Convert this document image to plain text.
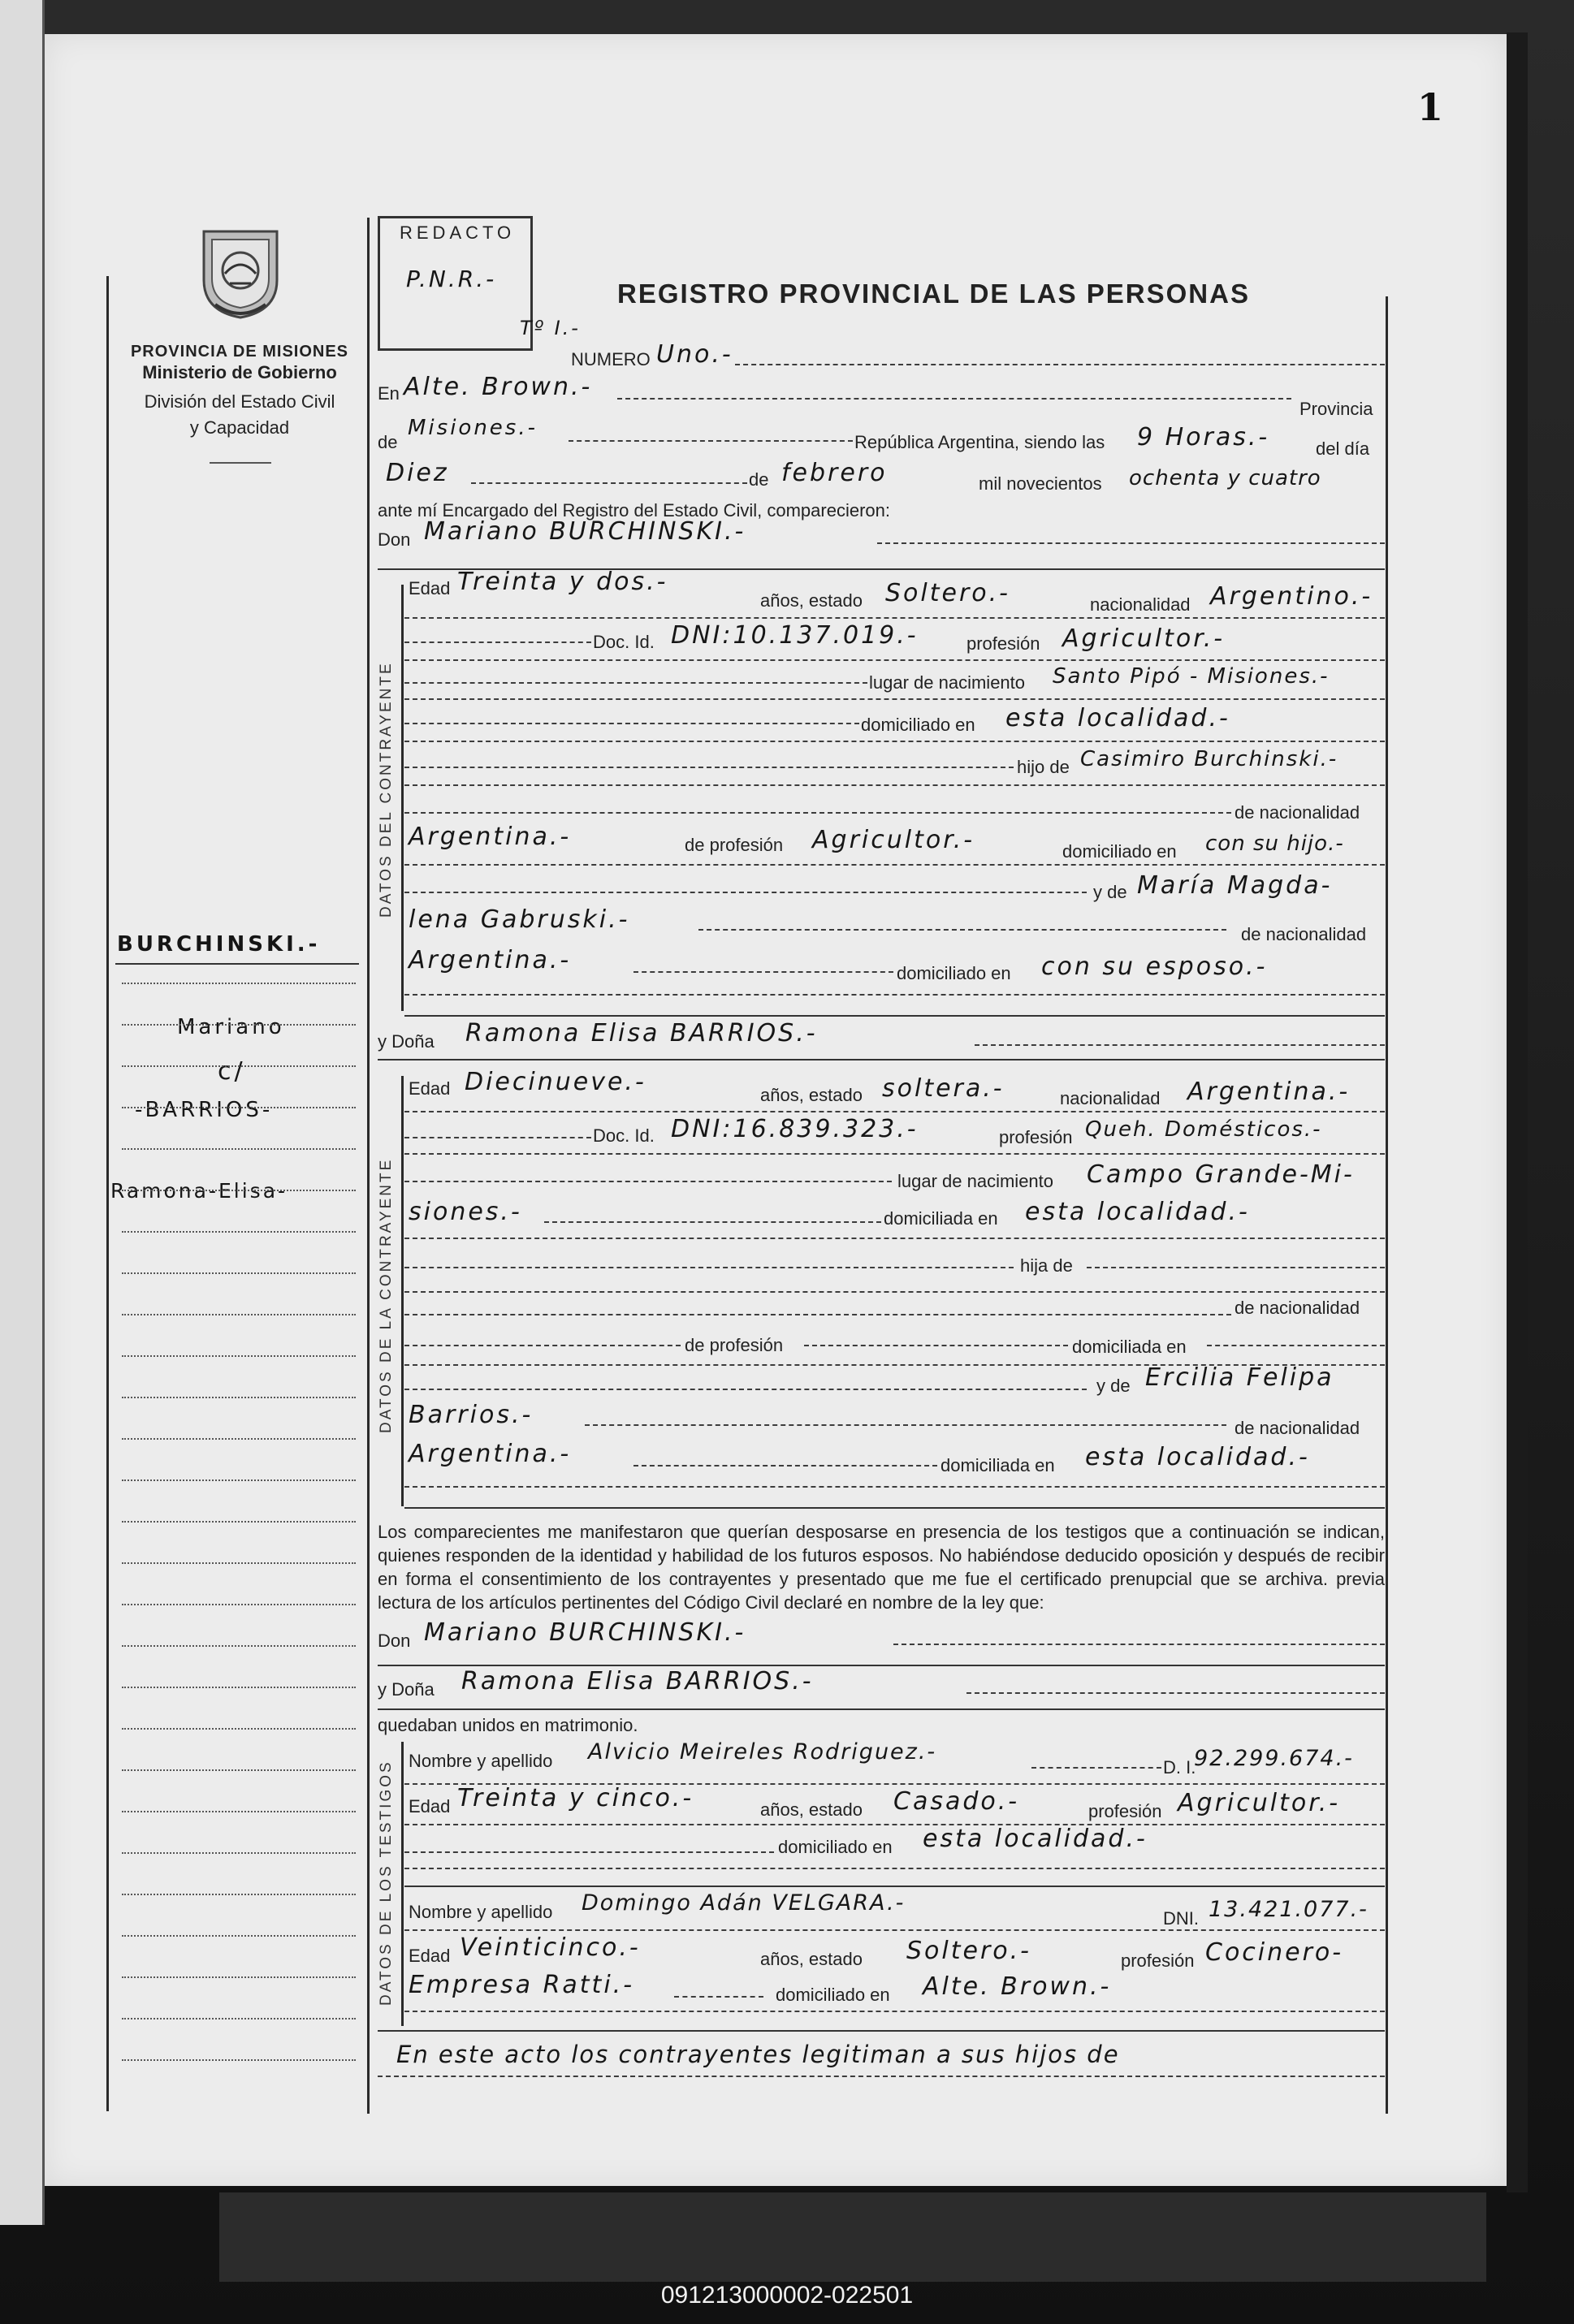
1
PROVINCIA DE MISIONES
Ministerio de Gobierno
División del Estado Civil
y Capacidad
REDACTO
P.N.R.-
Tº I.-
REGISTRO PROVINCIAL DE LAS PERSONAS
NUMERO Uno.-
En Alte. Brown.-
Provincia
de
Misiones.-
República Argentina, siendo las 9 Horas.-	del día
Diez	de febrero	mil novecientos ochenta y cuatro
ante mí Encargado del Registro del Estado Civil, comparecieron:
Don Mariano BURCHINSKI.-
DATOS DEL CONTRAYENTE
Edad Treinta y dos.-
años, estado Soltero.-	nacionalidad Argentino.-
Doc. Id. DNI:10.137.019.-	profesión Agricultor.-
lugar de nacimiento Santo Pipó - Misiones.-
domiciliado en esta localidad.-
hijo de Casimiro Burchinski.-
de nacionalidad
Argentina.-	de profesión Agricultor.-	domiciliado en con su hijo.-
y de María Magda-
lena Gabruski.-
de nacionalidad
Argentina.-	domiciliado en con su esposo.-
y Doña Ramona Elisa BARRIOS.-
DATOS DE LA CONTRAYENTE
Edad Diecinueve.-	años, estado soltera.-	nacionalidad Argentina.-
Doc. Id. DNI:16.839.323.-	profesión Queh. Domésticos.-
lugar de nacimiento Campo Grande-Mi-
siones.-	domiciliada en esta localidad.-
hija de
de nacionalidad
de profesión	domiciliada en
y de Ercilia Felipa
Barrios.-	de nacionalidad
Argentina.-	domiciliada en esta localidad.-
Los comparecientes me manifestaron que querían desposarse en presencia de los testigos que a continuación se indican, quienes responden de la identidad y habilidad de los futuros esposos. No habiéndose deducido oposición y después de recibir en forma el consentimiento de los contrayentes y presentado que me fue el certificado prenupcial que se archiva. previa lectura de los artículos pertinentes del Código Civil declaré en nombre de la ley que:
Don Mariano BURCHINSKI.-
y Doña Ramona Elisa BARRIOS.-
quedaban unidos en matrimonio.
DATOS DE LOS TESTIGOS Nombre y apellido Alvicio Meireles Rodriguez.-
D. I.
92.299.674.-
Edad Treinta y cinco.-	años, estado Casado.-	profesión Agricultor.-
domiciliado en esta localidad.-
Nombre y apellido Domingo Adán VELGARA.-
DNI. 13.421.077.-
Edad Veinticinco.-	años, estado Soltero.-	profesión Cocinero-
Empresa Ratti.-	domiciliado en Alte. Brown.-
En este acto los contrayentes legitiman a sus hijos de
BURCHINSKI.-
Mariano
c/
-BARRIOS-
Ramona-Elisa-
091213000002-022501
